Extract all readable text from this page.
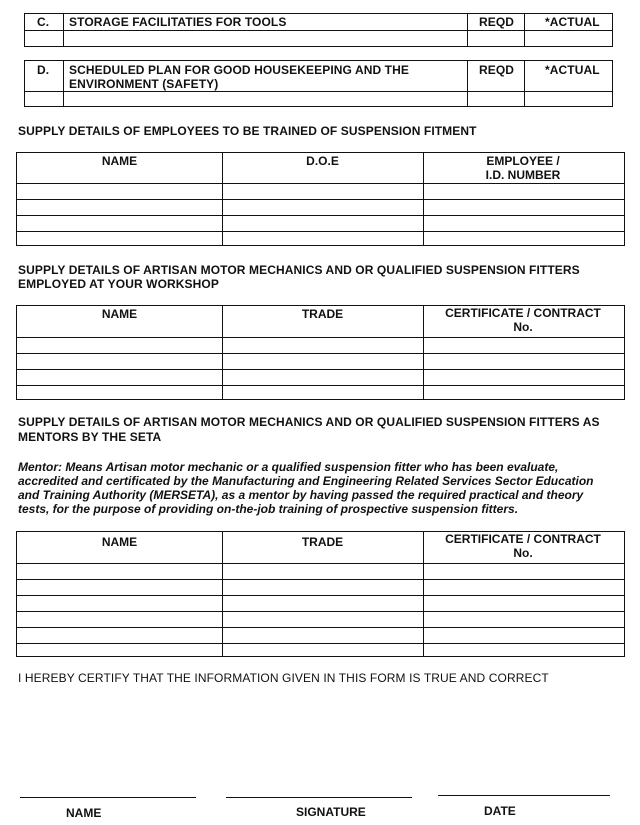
C. STORAGE FACILITATIES FOR TOOLS	REQD	*ACTUAL
D. SCHEDULED PLAN FOR GOOD HOUSEKEEPING AND THE
ENVIRONMENT (SAFETY)
REQD	*ACTUAL
SUPPLY DETAILS OF EMPLOYEES TO BE TRAINED OF SUSPENSION FITMENT
NAME	D.O.E	EMPLOYEE /
I.D. NUMBER
SUPPLY DETAILS OF ARTISAN MOTOR MECHANICS AND OR QUALIFIED SUSPENSION FITTERS
EMPLOYED AT YOUR WORKSHOP
NAME	TRADE	CERTIFICATE / CONTRACT
No.
SUPPLY DETAILS OF ARTISAN MOTOR MECHANICS AND OR QUALIFIED SUSPENSION FITTERS AS
MENTORS BY THE SETA
Mentor: Means Artisan motor mechanic or a qualified suspension fitter who has been evaluate,
accredited and certificated by the Manufacturing and Engineering Related Services Sector Education
and Training Authority (MERSETA), as a mentor by having passed the required practical and theory
tests, for the purpose of providing on-the-job training of prospective suspension fitters.
NAME	TRADE	CERTIFICATE / CONTRACT
No.
I HEREBY CERTIFY THAT THE INFORMATION GIVEN IN THIS FORM IS TRUE AND CORRECT
NAME	SIGNATURE	DATE
